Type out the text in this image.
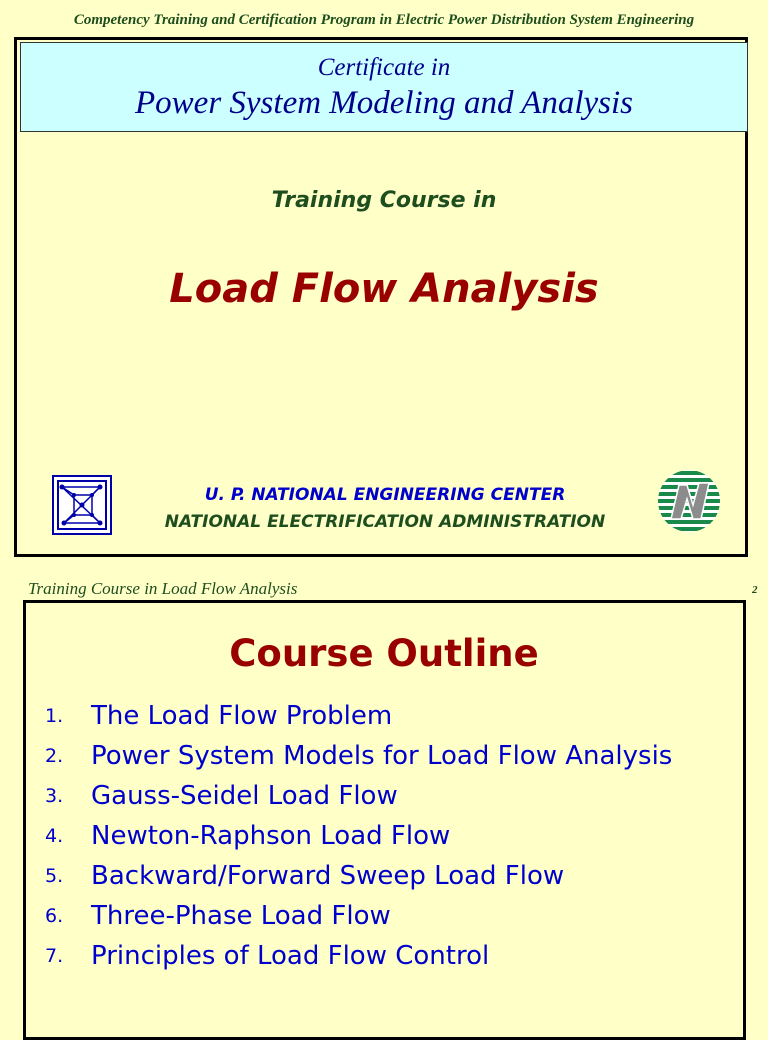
Competency Training and Certification Program in Electric Power Distribution System Engineering
Certificate in
Power System Modeling and Analysis
Training Course in
Load Flow Analysis
U. P. NATIONAL ENGINEERING CENTER
NATIONAL ELECTRIFICATION ADMINISTRATION
Training Course in Load Flow Analysis	2
Course Outline
1.	The Load Flow Problem
2.	Power System Models for Load Flow Analysis
3.	Gauss-Seidel Load Flow
4.	Newton-Raphson Load Flow
5.	Backward/Forward Sweep Load Flow
6.	Three-Phase Load Flow
7.	Principles of Load Flow Control
